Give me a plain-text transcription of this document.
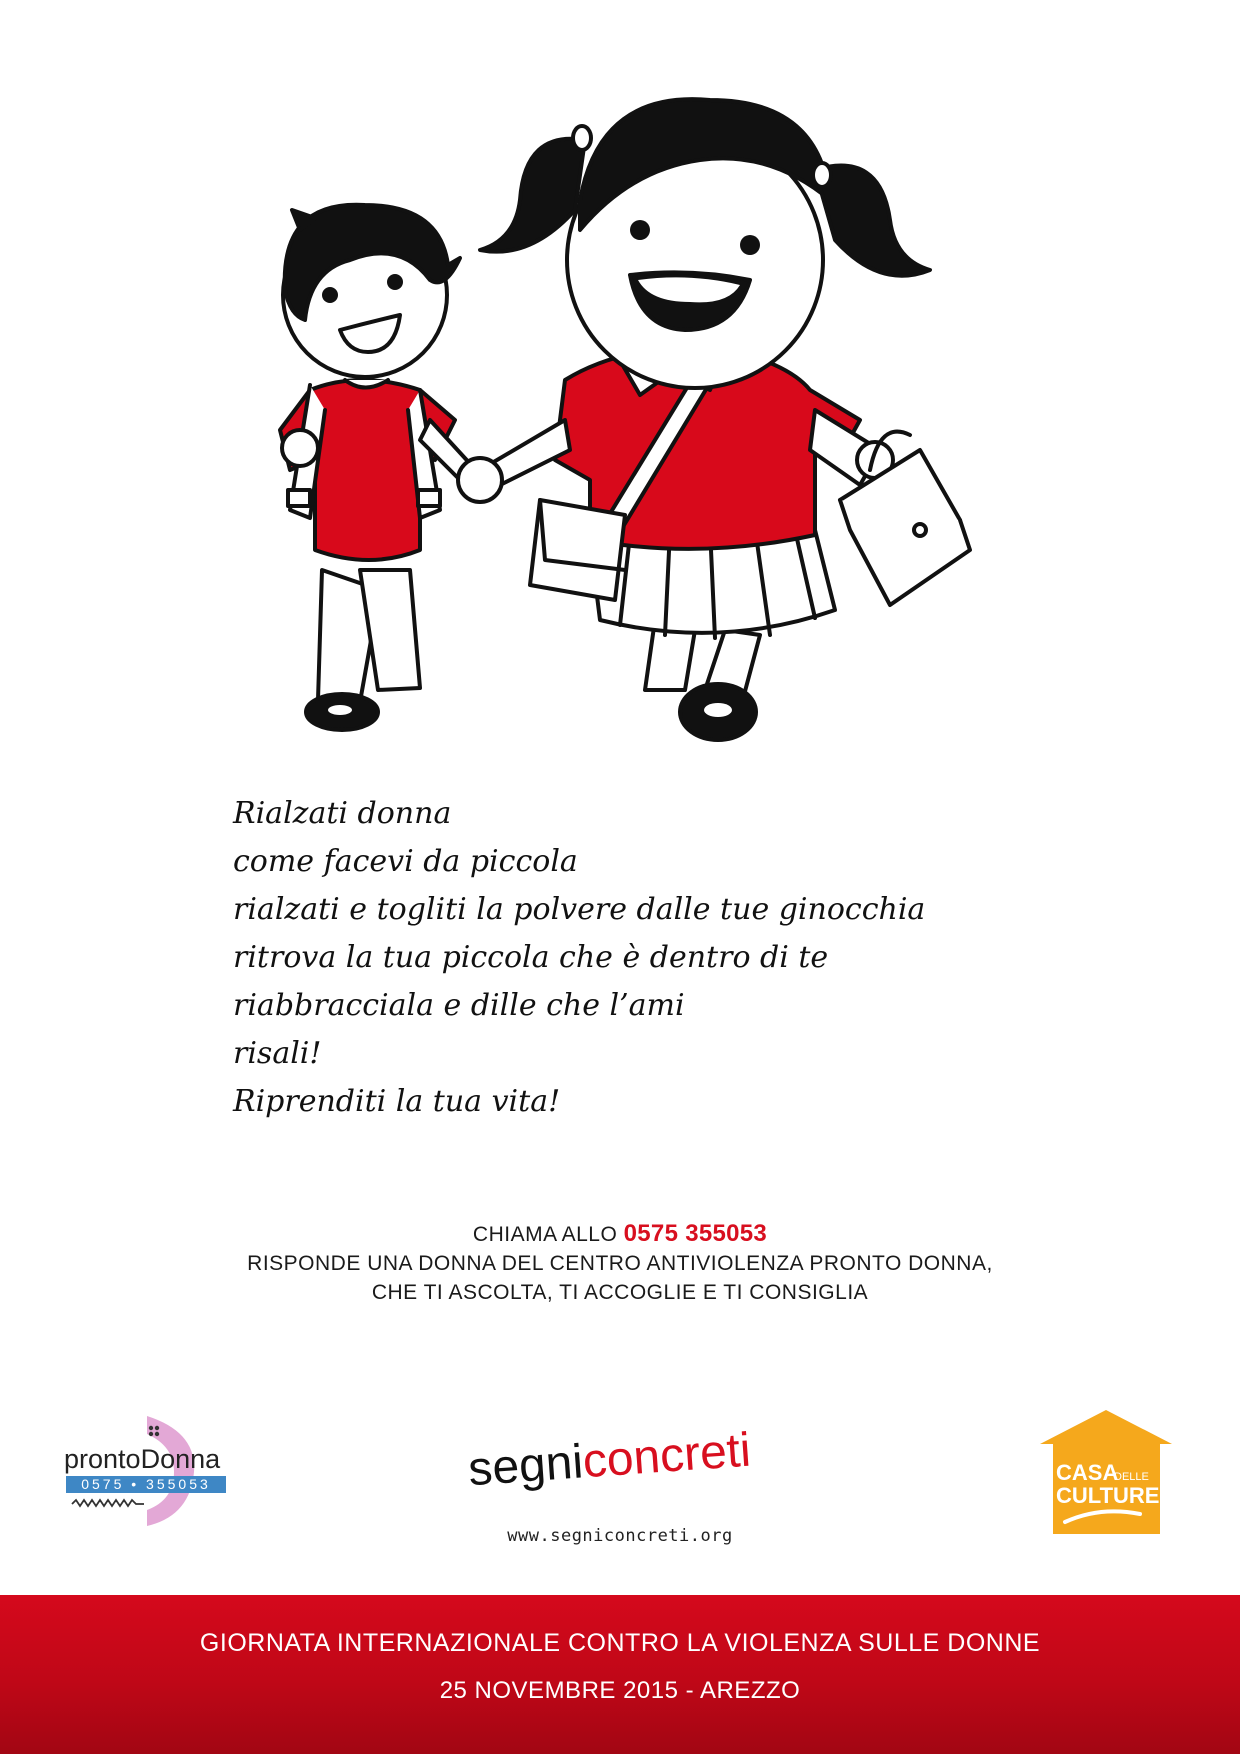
Rialzati donna
come facevi da piccola
rialzati e togliti la polvere dalle tue ginocchia
ritrova la tua piccola che è dentro di te
riabbracciala e dille che l’ami
risali!
Riprenditi la tua vita!
CHIAMA ALLO 0575 355053
RISPONDE UNA DONNA DEL CENTRO ANTIVIOLENZA PRONTO DONNA,
CHE TI ASCOLTA, TI ACCOGLIE E TI CONSIGLIA
prontoDonna
0575 • 355053	segniconcreti	CASA
DELLE
CULTURE
www.segniconcreti.org
GIORNATA INTERNAZIONALE CONTRO LA VIOLENZA SULLE DONNE
25 NOVEMBRE 2015 - AREZZO
